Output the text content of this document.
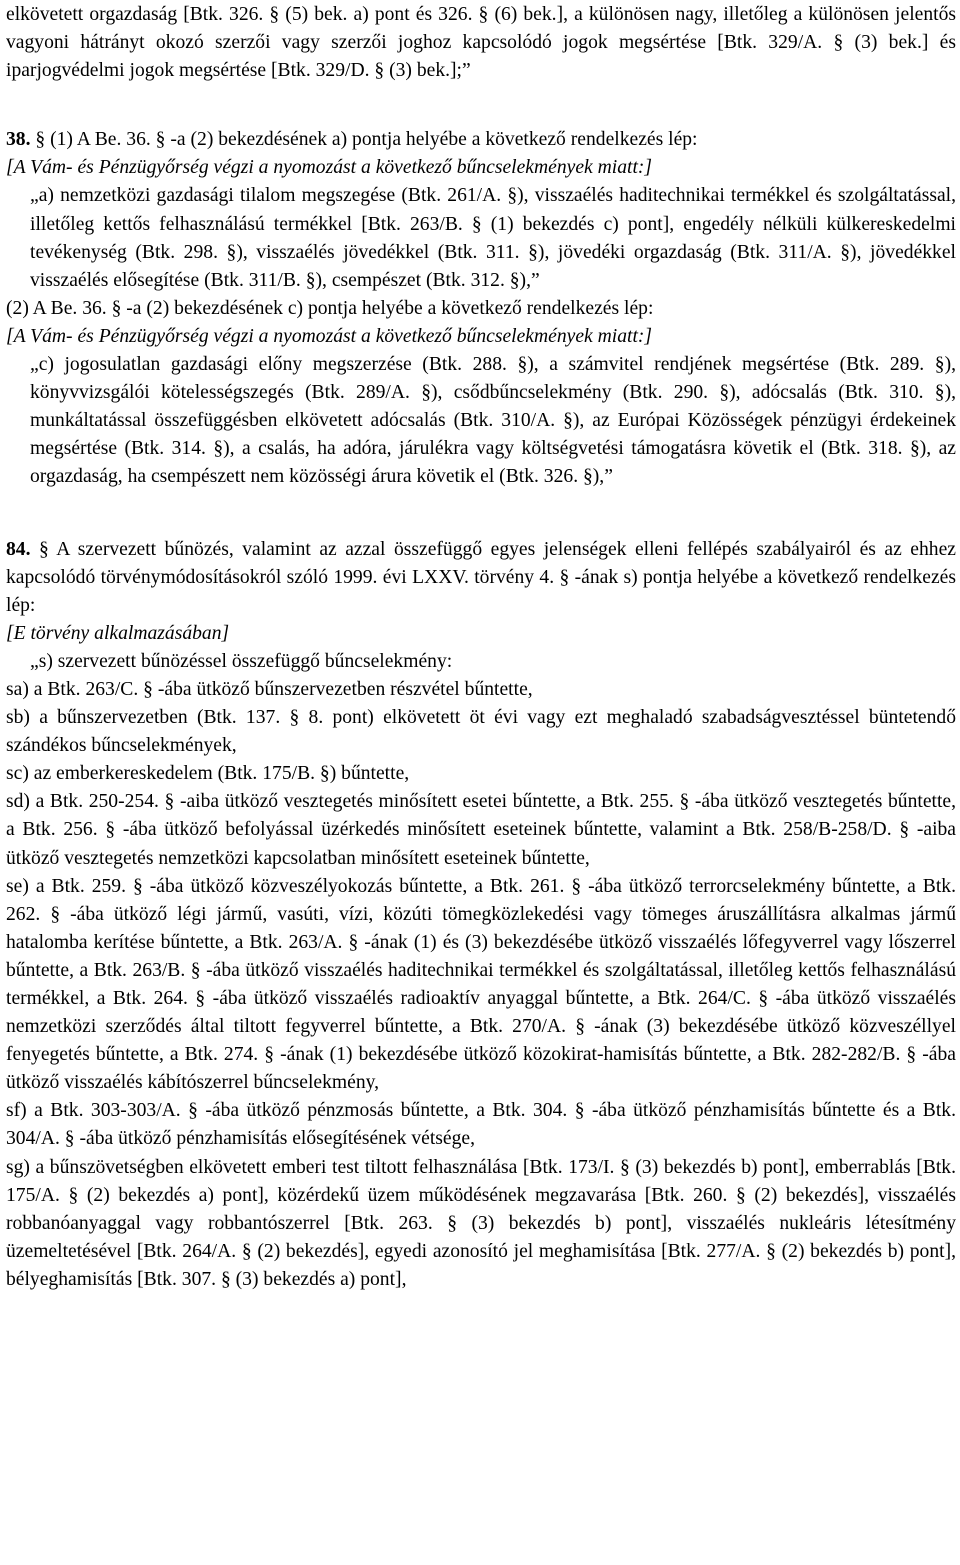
elkövetett orgazdaság [Btk. 326. § (5) bek. a) pont és 326. § (6) bek.], a különösen nagy, illetőleg a különösen jelentős vagyoni hátrányt okozó szerzői vagy szerzői joghoz kapcsolódó jogok megsértése [Btk. 329/A. § (3) bek.] és iparjogvédelmi jogok megsértése [Btk. 329/D. § (3) bek.];”

38. § (1) A Be. 36. § -a (2) bekezdésének a) pontja helyébe a következő rendelkezés lép:

[A Vám- és Pénzügyőrség végzi a nyomozást a következő bűncselekmények miatt:]

„a) nemzetközi gazdasági tilalom megszegése (Btk. 261/A. §), visszaélés haditechnikai termékkel és szolgáltatással, illetőleg kettős felhasználású termékkel [Btk. 263/B. § (1) bekezdés c) pont], engedély nélküli külkereskedelmi tevékenység (Btk. 298. §), visszaélés jövedékkel (Btk. 311. §), jövedéki orgazdaság (Btk. 311/A. §), jövedékkel visszaélés elősegítése (Btk. 311/B. §), csempészet (Btk. 312. §),”

(2) A Be. 36. § -a (2) bekezdésének c) pontja helyébe a következő rendelkezés lép:

[A Vám- és Pénzügyőrség végzi a nyomozást a következő bűncselekmények miatt:]

„c) jogosulatlan gazdasági előny megszerzése (Btk. 288. §), a számvitel rendjének megsértése (Btk. 289. §), könyvvizsgálói kötelességszegés (Btk. 289/A. §), csődbűncselekmény (Btk. 290. §), adócsalás (Btk. 310. §), munkáltatással összefüggésben elkövetett adócsalás (Btk. 310/A. §), az Európai Közösségek pénzügyi érdekeinek megsértése (Btk. 314. §), a csalás, ha adóra, járulékra vagy költségvetési támogatásra követik el (Btk. 318. §), az orgazdaság, ha csempészett nem közösségi árura követik el (Btk. 326. §),”

84. § A szervezett bűnözés, valamint az azzal összefüggő egyes jelenségek elleni fellépés szabályairól és az ehhez kapcsolódó törvénymódosításokról szóló 1999. évi LXXV. törvény 4. § -ának s) pontja helyébe a következő rendelkezés lép:

[E törvény alkalmazásában]

„s) szervezett bűnözéssel összefüggő bűncselekmény:

sa) a Btk. 263/C. § -ába ütköző bűnszervezetben részvétel bűntette,

sb) a bűnszervezetben (Btk. 137. § 8. pont) elkövetett öt évi vagy ezt meghaladó szabadságvesztéssel büntetendő szándékos bűncselekmények,

sc) az emberkereskedelem (Btk. 175/B. §) bűntette,

sd) a Btk. 250-254. § -aiba ütköző vesztegetés minősített esetei bűntette, a Btk. 255. § -ába ütköző vesztegetés bűntette, a Btk. 256. § -ába ütköző befolyással üzérkedés minősített eseteinek bűntette, valamint a Btk. 258/B-258/D. § -aiba ütköző vesztegetés nemzetközi kapcsolatban minősített eseteinek bűntette,

se) a Btk. 259. § -ába ütköző közveszélyokozás bűntette, a Btk. 261. § -ába ütköző terrorcselekmény bűntette, a Btk. 262. § -ába ütköző légi jármű, vasúti, vízi, közúti tömegközlekedési vagy tömeges áruszállításra alkalmas jármű hatalomba kerítése bűntette, a Btk. 263/A. § -ának (1) és (3) bekezdésébe ütköző visszaélés lőfegyverrel vagy lőszerrel bűntette, a Btk. 263/B. § -ába ütköző visszaélés haditechnikai termékkel és szolgáltatással, illetőleg kettős felhasználású termékkel, a Btk. 264. § -ába ütköző visszaélés radioaktív anyaggal bűntette, a Btk. 264/C. § -ába ütköző visszaélés nemzetközi szerződés által tiltott fegyverrel bűntette, a Btk. 270/A. § -ának (3) bekezdésébe ütköző közveszéllyel fenyegetés bűntette, a Btk. 274. § -ának (1) bekezdésébe ütköző közokirat-hamisítás bűntette, a Btk. 282-282/B. § -ába ütköző visszaélés kábítószerrel bűncselekmény,

sf) a Btk. 303-303/A. § -ába ütköző pénzmosás bűntette, a Btk. 304. § -ába ütköző pénzhamisítás bűntette és a Btk. 304/A. § -ába ütköző pénzhamisítás elősegítésének vétsége,

sg) a bűnszövetségben elkövetett emberi test tiltott felhasználása [Btk. 173/I. § (3) bekezdés b) pont], emberrablás [Btk. 175/A. § (2) bekezdés a) pont], közérdekű üzem működésének megzavarása [Btk. 260. § (2) bekezdés], visszaélés robbanóanyaggal vagy robbantószerrel [Btk. 263. § (3) bekezdés b) pont], visszaélés nukleáris létesítmény üzemeltetésével [Btk. 264/A. § (2) bekezdés], egyedi azonosító jel meghamisítása [Btk. 277/A. § (2) bekezdés b) pont], bélyeghamisítás [Btk. 307. § (3) bekezdés a) pont],
